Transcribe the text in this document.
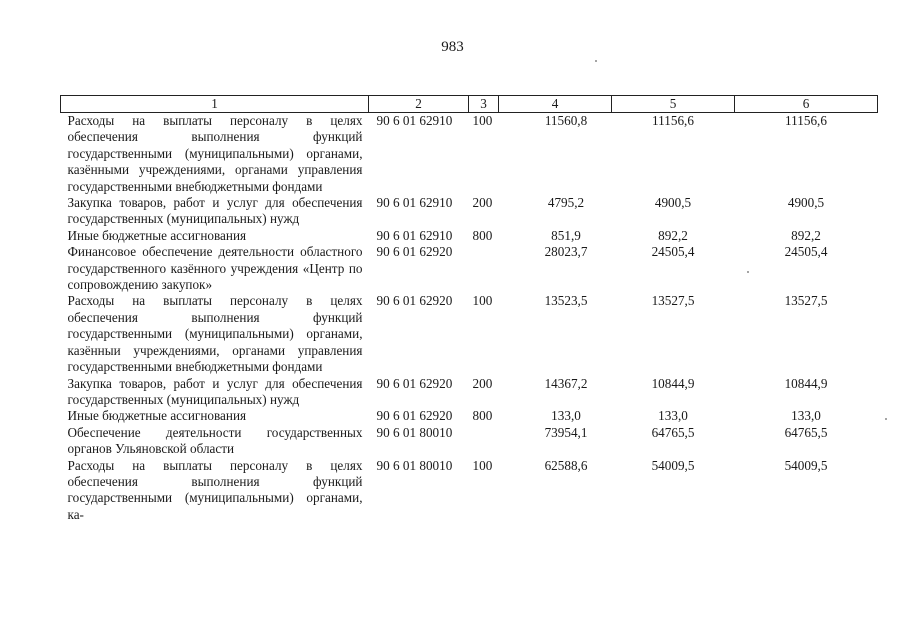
983
1	2	3	4	5	6
Расходы на выплаты персоналу в целях обеспечения выполнения функций государственными (муниципальными) органами, казёнными учреждениями, органами управления государственными внебюджетными фондами	90 6 01 62910	100	11560,8	11156,6	11156,6
Закупка товаров, работ и услуг для обеспечения государственных (муниципальных) нужд	90 6 01 62910	200	4795,2	4900,5	4900,5
Иные бюджетные ассигнования	90 6 01 62910	800	851,9	892,2	892,2
Финансовое обеспечение деятельности областного государственного казённого учреждения «Центр по сопровождению закупок»	90 6 01 62920		28023,7	24505,4	24505,4
Расходы на выплаты персоналу в целях обеспечения выполнения функций государственными (муниципальными) органами, казённыи учреждениями, органами управления государственными внебюджетными фондами	90 6 01 62920	100	13523,5	13527,5	13527,5
Закупка товаров, работ и услуг для обеспечения государственных (муниципальных) нужд	90 6 01 62920	200	14367,2	10844,9	10844,9
Иные бюджетные ассигнования	90 6 01 62920	800	133,0	133,0	133,0
Обеспечение деятельности государственных органов Ульяновской области	90 6 01 80010		73954,1	64765,5	64765,5
Расходы на выплаты персоналу в целях обеспечения выполнения функций государственными (муниципальными) органами, ка-	90 6 01 80010	100	62588,6	54009,5	54009,5
